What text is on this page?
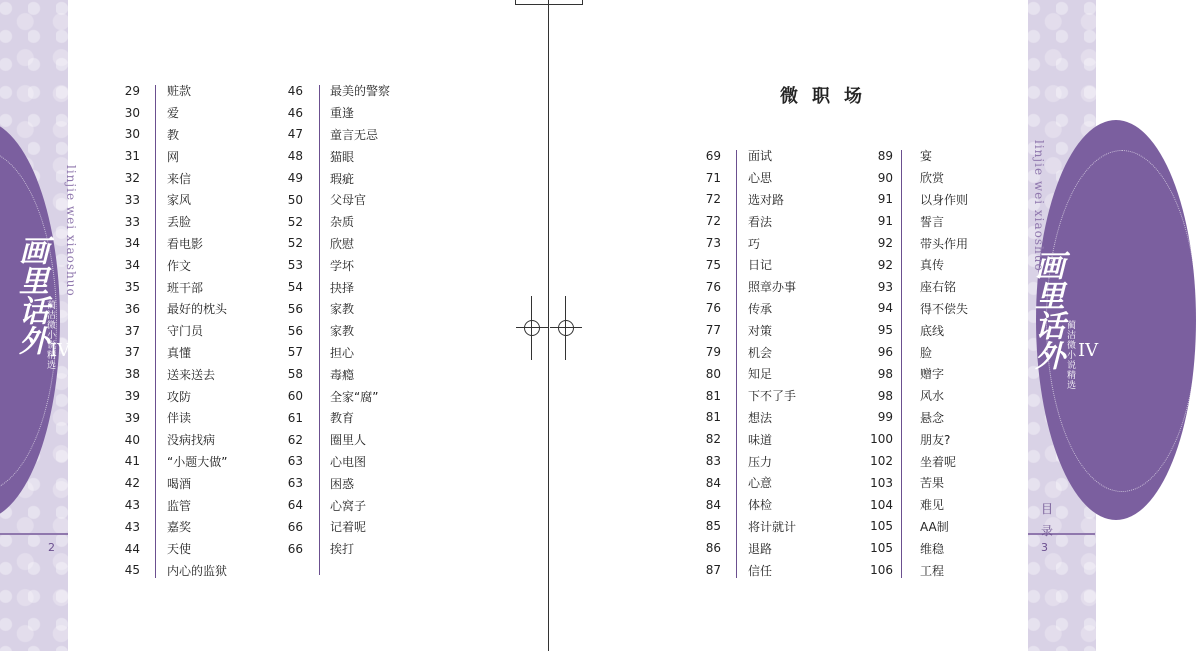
画里话外
蔺洁微小说精选
IV
linjie wei xiaoshuo
画里话外 蔺洁微小说精选 IV
linjie wei xiaoshuo
2	3
目
录
29	赃款
30	爱
30	教
31	网
32	来信
33	家风
33	丢脸
34	看电影
34	作文
35	班干部
36	最好的枕头
37	守门员
37	真懂
38	送来送去
39	攻防
39	伴读
40	没病找病
41	“小题大做”
42	喝酒
43	监管
43	嘉奖
44	天使
45	内心的监狱
46	最美的警察
46	重逢
47	童言无忌
48	猫眼
49	瑕疵
50	父母官
52	杂质
52	欣慰
53	学坏
54	抉择
56	家教
56	家教
57	担心
58	毒瘾
60	全家“腐”
61	教育
62	圈里人
63	心电图
63	困惑
64	心窝子
66	记着呢
66	挨打
微职场
69	面试
71	心思
72	选对路
72	看法
73	巧
75	日记
76	照章办事
76	传承
77	对策
79	机会
80	知足
81	下不了手
81	想法
82	味道
83	压力
84	心意
84	体检
85	将计就计
86	退路
87	信任
89	宴
90	欣赏
91	以身作则
91	誓言
92	带头作用
92	真传
93	座右铭
94	得不偿失
95	底线
96	脸
98	赠字
98	风水
99	悬念
100	朋友?
102	坐着呢
103	苦果
104	难见
105	AA制
105	维稳
106	工程
